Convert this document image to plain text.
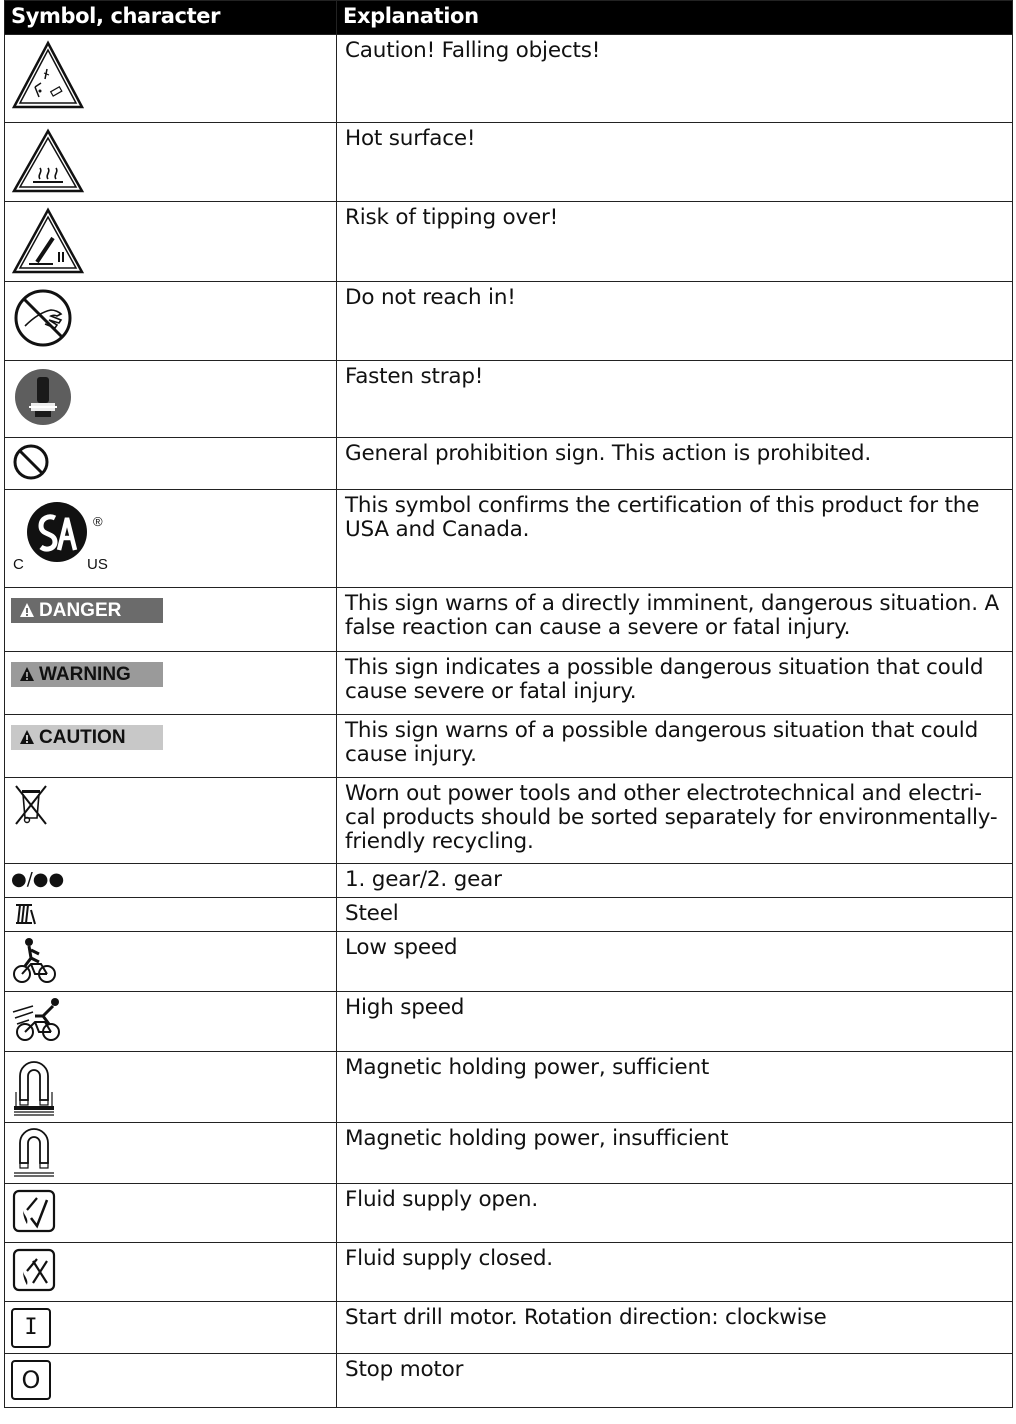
Symbol, character	Explanation

	Caution! Falling objects!

	Hot surface!

	Risk of tipping over!

	Do not reach in!

	Fasten strap!

	General prohibition sign. This action is prohibited.

C US
®	This symbol confirms the certification of this product for the USA and Canada.
DANGER	This sign warns of a directly imminent, dangerous situation. A false reaction can cause a severe or fatal injury.
WARNING	This sign indicates a possible dangerous situation that could cause severe or fatal injury.
CAUTION	This sign warns of a possible dangerous situation that could cause injury.

	Worn out power tools and other electrotechnical and electri-cal products should be sorted separately for environmentally-friendly recycling.
●/●●	1. gear/2. gear

	Steel

	Low speed

	High speed

	Magnetic holding power, sufficient

	Magnetic holding power, insufficient

	Fluid supply open.

	Fluid supply closed.

I	Start drill motor. Rotation direction: clockwise

O	Stop motor
